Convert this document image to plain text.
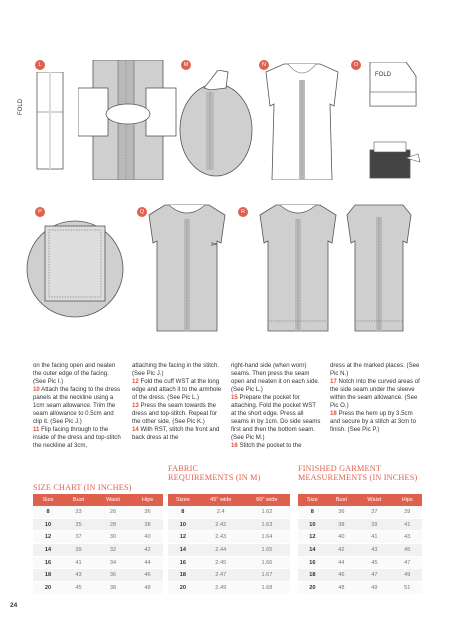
L
FOLD
M	N	O
FOLD
P	Q
✂
R
on the facing open and neaten the outer edge of the facing. (See Pic I.)
10 Attach the facing to the dress panels at the neckline using a 1cm seam allowance. Trim the seam allowance to 0.5cm and clip it. (See Pic J.)
11 Flip facing through to the inside of the dress and top-stitch the neckline at 3cm,
attaching the facing in the stitch. (See Pic J.)
12 Fold the cuff WST at the long edge and attach it to the armhole of the dress. (See Pic L.)
13 Press the seam towards the dress and top-stitch. Repeat for the other side. (See Pic K.)
14 With RST, stitch the front and back dress at the
right-hand side (when worn) seams. Then press the seam open and neaten it on each side. (See Pic L.)
15 Prepare the pocket for attaching. Fold the pocket WST at the short edge. Press all seams in by 1cm. Do side seams first and then the bottom seam. (See Pic M.)
16 Stitch the pocket to the
dress at the marked places. (See Pic N.)
17 Notch into the curved areas of the side seam under the sleeve within the seam allowance. (See Pic O.)
18 Press the hem up by 3.5cm and secure by a stitch at 3cm to finish. (See Pic P.)
SIZE CHART (IN INCHES)
Size	Bust	Waist	Hips
8	33	26	36
10	35	28	38
12	37	30	40
14	39	32	42
16	41	34	44
18	43	36	46
20	45	38	48
FABRIC
REQUIREMENTS (IN M)
Sizes	45" wide	60" wide
8	2.4	1.62
10	2.42	1.63
12	2.43	1.64
14	2.44	1.65
16	2.45	1.66
18	2.47	1.67
20	2.49	1.68
FINISHED GARMENT
MEASUREMENTS (IN INCHES)
Size	Bust	Waist	Hips
8	36	37	39
10	38	39	41
12	40	41	43
14	42	43	45
16	44	45	47
18	46	47	49
20	48	49	51
24
